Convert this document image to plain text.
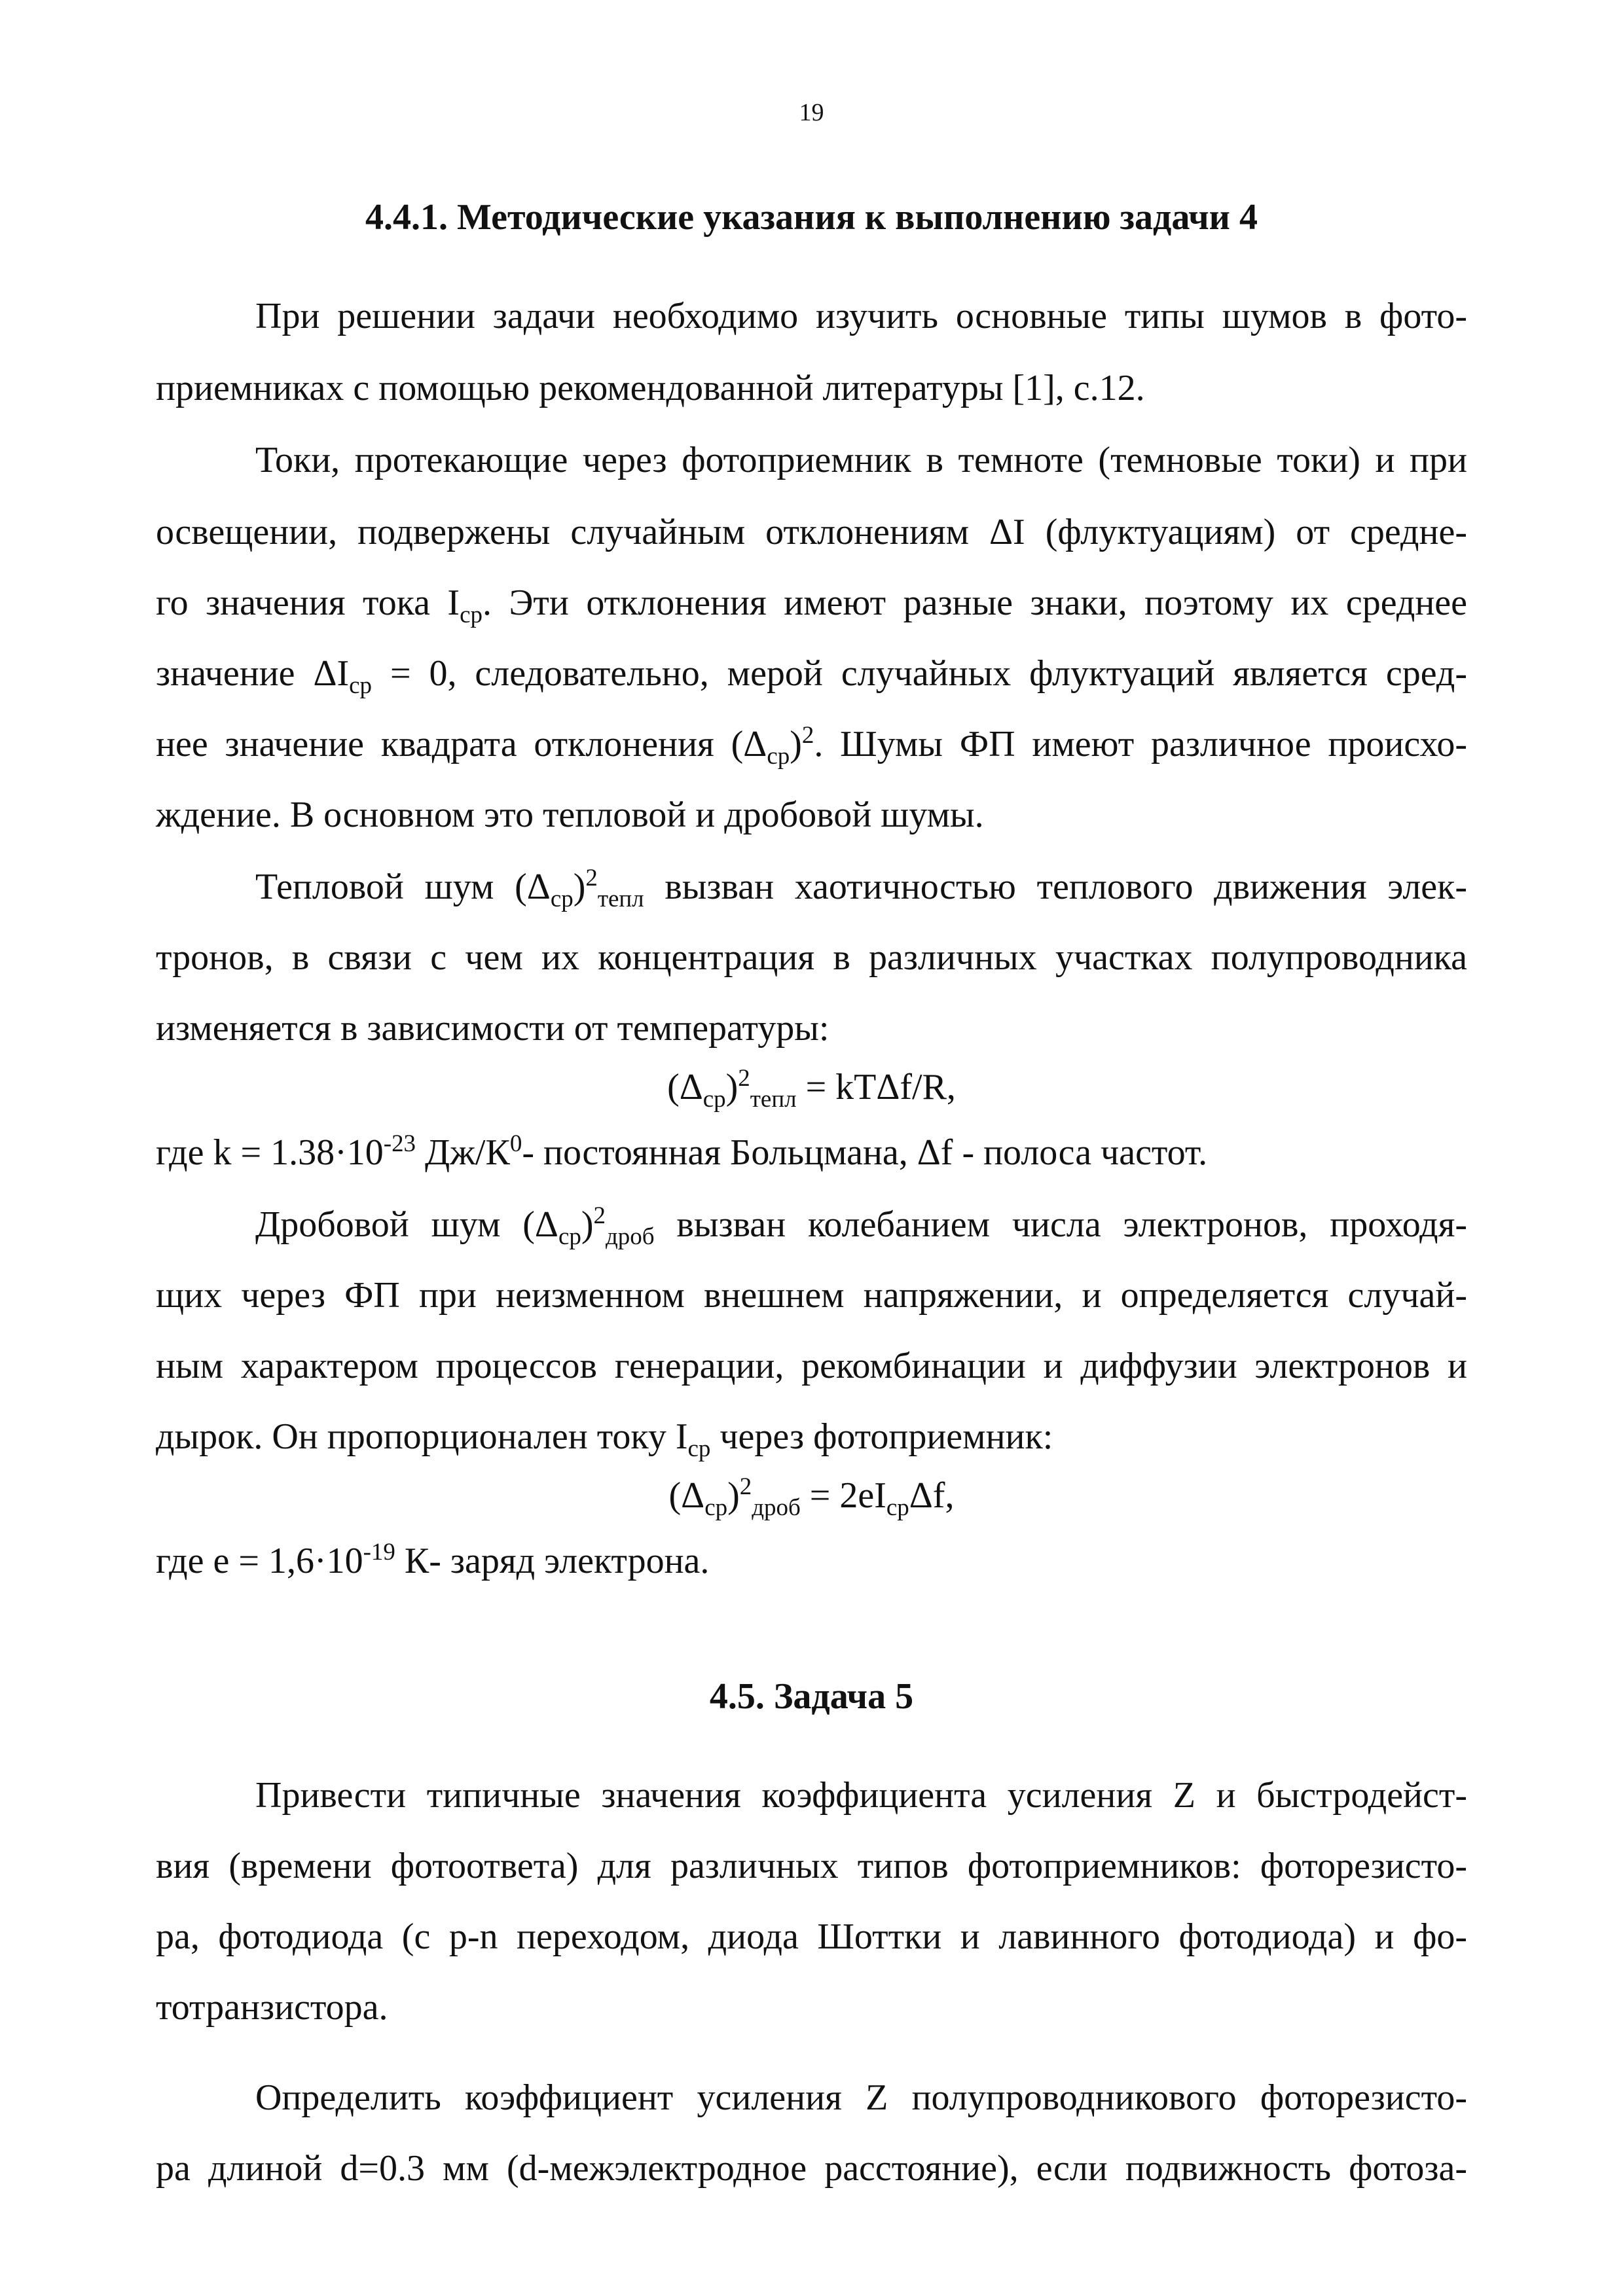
19
4.4.1. Методические указания к выполнению задачи 4
При решении задачи необходимо изучить основные типы шумов в фото-
приемниках с помощью рекомендованной литературы [1], с.12.
Токи, протекающие через фотоприемник в темноте (темновые токи) и при
освещении, подвержены случайным отклонениям ΔI (флуктуациям) от средне-
го значения тока $I_{ср}$. Эти отклонения имеют разные знаки, поэтому их среднее
значение $\Delta I_{ср} = 0$, следовательно, мерой случайных флуктуаций является сред-
нее значение квадрата отклонения $(\Delta_{ср})^2$. Шумы ФП имеют различное происхо-
ждение. В основном это тепловой и дробовой шумы.
Тепловой шум $(\Delta_{ср})^2_{тепл}$ вызван хаотичностью теплового движения элек-
тронов, в связи с чем их концентрация в различных участках полупроводника
изменяется в зависимости от температуры:
$(\Delta_{ср})^2_{тепл} = kT\Delta f/R$,
где $k = 1.38\cdot 10^{-23}$ $Дж/К^0-$ постоянная Больцмана, Δf - полоса частот.
Дробовой шум $(\Delta_{ср})^2_{дроб}$ вызван колебанием числа электронов, проходя-
щих через ФП при неизменном внешнем напряжении, и определяется случай-
ным характером процессов генерации, рекомбинации и диффузии электронов и
дырок. Он пропорционален току $I_{ср}$ через фотоприемник:
$(\Delta_{ср})^2_{дроб} = 2eI_{ср}\Delta f$,
где $e = 1,6\cdot 10^{-19}$ К- заряд электрона.
4.5. Задача 5
Привести типичные значения коэффициента усиления Z и быстродейст-
вия (времени фотоответа) для различных типов фотоприемников: фоторезисто-
ра, фотодиода (с p-n переходом, диода Шоттки и лавинного фотодиода) и фо-
тотранзистора.
Определить коэффициент усиления Z полупроводникового фоторезисто-
ра длиной d=0.3 мм (d-межэлектродное расстояние), если подвижность фотоза-
